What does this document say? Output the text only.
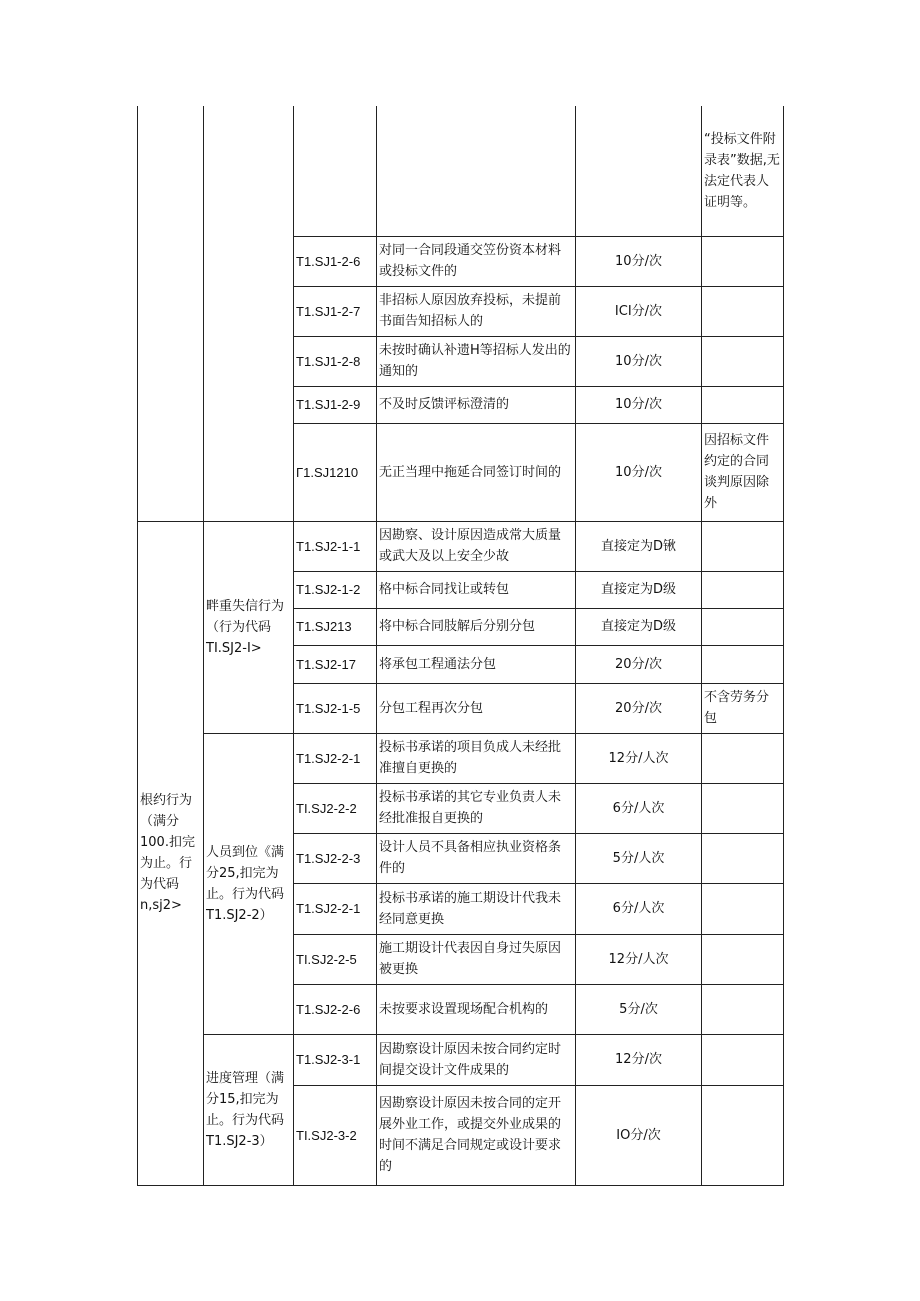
					“投标文件附录表”数据,无法定代表人证明等。
		T1.SJ1-2-6	对同一合同段通交笠份资本材料或投标文件的	10分/次	
		T1.SJ1-2-7	非招标人原因放弃投标，未提前书面告知招标人的	ICI分/次	
		T1.SJ1-2-8	未按时确认补遗H等招标人发出的通知的	10分/次	
		T1.SJ1-2-9	不及时反馈评标澄清的	10分/次	
		Γ1.SJ1210	无正当理中拖延合同签订时间的	10分/次	因招标文件约定的合同谈判原因除外
根约行为（满分100.扣完为止。行为代码n,sj2>	畔重失信行为（行为代码TI.SJ2-I>	T1.SJ2-1-1	因勘察、设计原因造成常大质量或武大及以上安全少故	直接定为D锹	
		T1.SJ2-1-2	格中标合同找让或转包	直接定为D级	
		T1.SJ213	将中标合同肢解后分别分包	直接定为D级	
		T1.SJ2-17	将承包工程通法分包	20分/次	
		T1.SJ2-1-5	分包工程再次分包	20分/次	不含劳务分包
	人员到位《满分25,扣完为止。行为代码T1.SJ2-2）	T1.SJ2-2-1	投标书承诺的项目负成人未经批准擅自更换的	12分/人次	
		TI.SJ2-2-2	投标书承诺的其它专业负责人未经批准报自更换的	6分/人次	
		T1.SJ2-2-3	设计人员不具备相应执业资格条件的	5分/人次	
		T1.SJ2-2-1	投标书承诺的施工期设计代我未经同意更换	6分/人次	
		TI.SJ2-2-5	施工期设计代表因自身过失原因被更换	12分/人次	
		T1.SJ2-2-6	未按要求设置现场配合机构的	5分/次	
	进度管理（满分15,扣完为止。行为代码T1.SJ2-3）	T1.SJ2-3-1	因勘察设计原因未按合同约定时间提交设计文件成果的	12分/次	
		TI.SJ2-3-2	因勘察设计原因未按合同的定开展外业工作，或提交外业成果的时间不满足合同规定或设计要求的	IO分/次	
